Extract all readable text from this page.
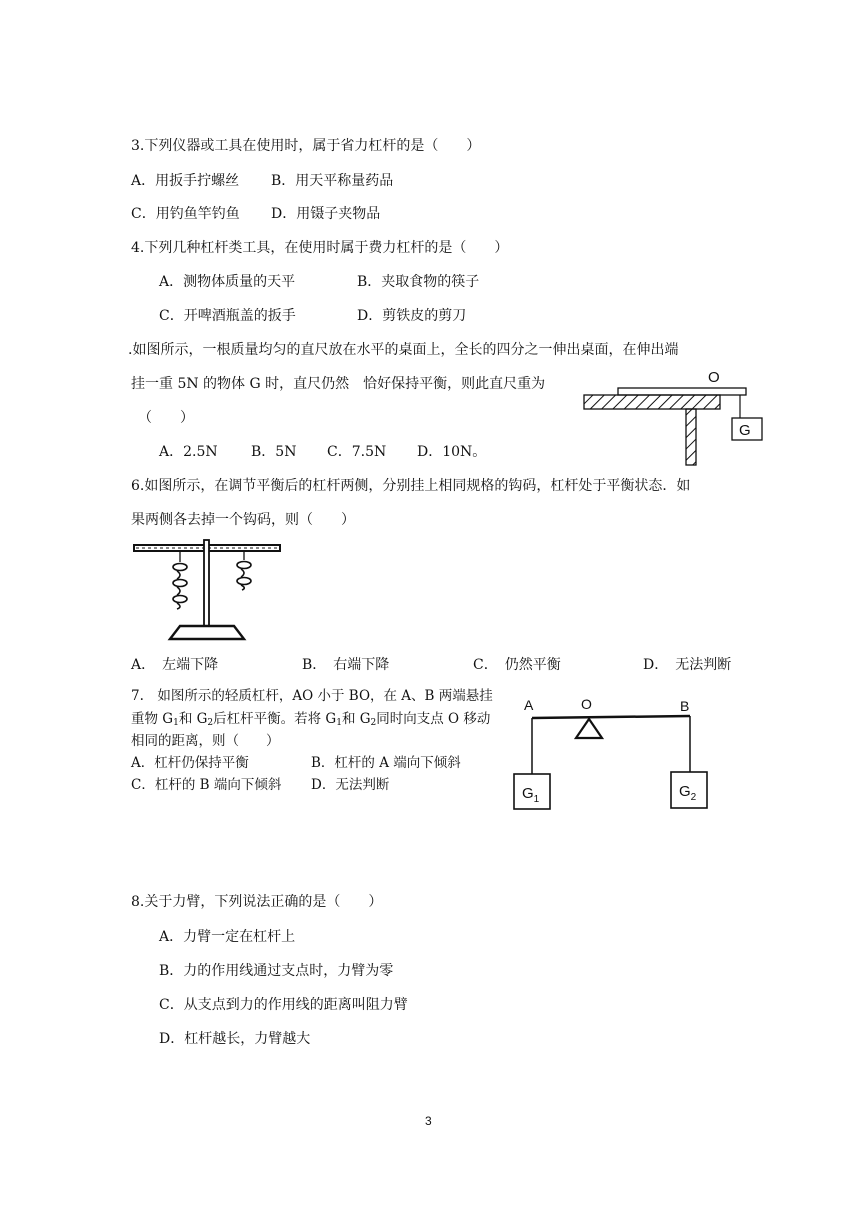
3.下列仪器或工具在使用时，属于省力杠杆的是（　　）
A．用扳手拧螺丝 B．用天平称量药品
C．用钓鱼竿钓鱼 D．用镊子夹物品
4.下列几种杠杆类工具，在使用时属于费力杠杆的是（　　）
A．测物体质量的天平	B．夹取食物的筷子
C．开啤酒瓶盖的扳手	D．剪铁皮的剪刀
.如图所示，一根质量均匀的直尺放在水平的桌面上，全长的四分之一伸出桌面，在伸出端
挂一重 5N 的物体 G 时，直尺仍然　恰好保持平衡，则此直尺重为
（　　）
A．2.5N B．5N C．7.5N D．10N。
O
G
6.如图所示，在调节平衡后的杠杆两侧，分别挂上相同规格的钩码，杠杆处于平衡状态．如
果两侧各去掉一个钩码，则（　　）
A．　左端下降	B．　右端下降	C．　仍然平衡	D．　无法判断
7.　如图所示的轻质杠杆，AO 小于 BO，在 A、B 两端悬挂
重物 $G_1$和 $G_2$后杠杆平衡。若将 $G_1$和 $G_2$同时向支点 O 移动
相同的距离，则（　　）
A．杠杆仍保持平衡	B．杠杆的 A 端向下倾斜
C．杠杆的 B 端向下倾斜 D．无法判断
A	O	B
$G_1$	$G_2$
8.关于力臂，下列说法正确的是（　　）
A．力臂一定在杠杆上
B．力的作用线通过支点时，力臂为零
C．从支点到力的作用线的距离叫阻力臂
D．杠杆越长，力臂越大
3
